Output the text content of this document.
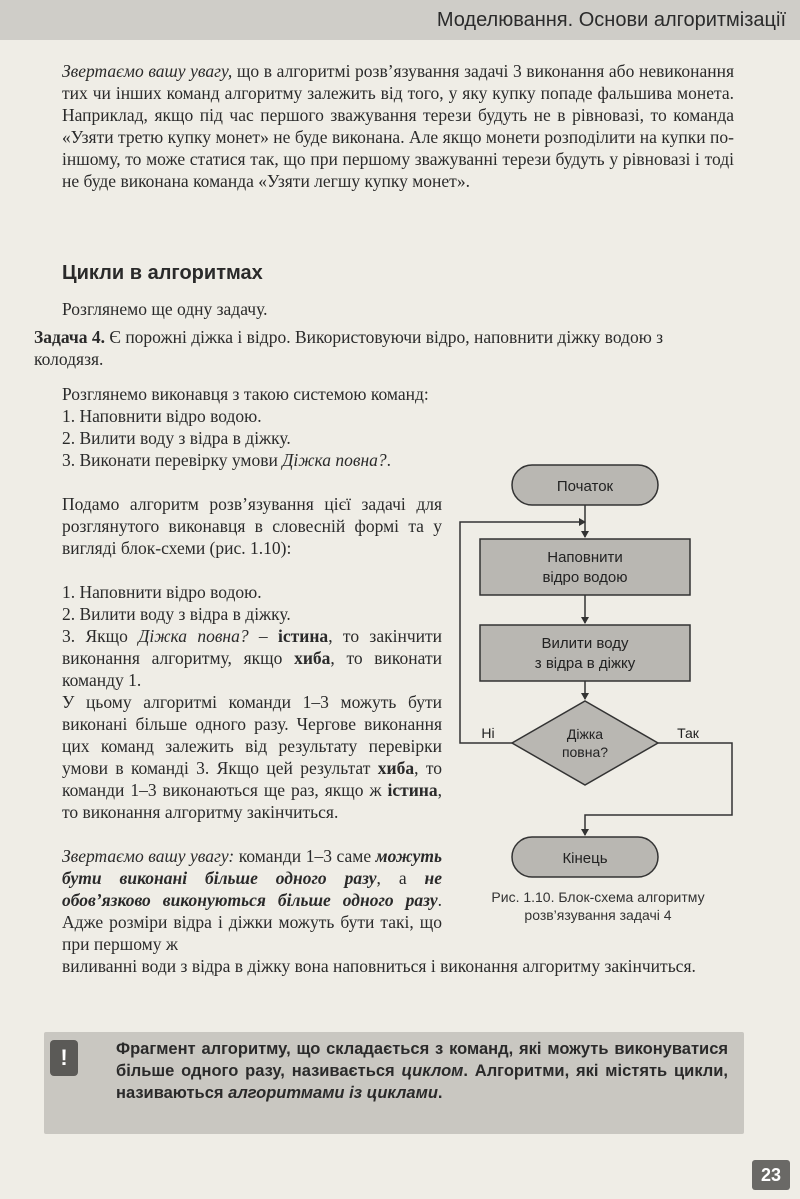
Моделювання. Основи алгоритмізації

Звертаємо вашу увагу, що в алгоритмі розв’язування задачі 3 виконання або невиконання тих чи інших команд алгоритму залежить від того, у яку купку попаде фальшива монета. Наприклад, якщо під час першого зважування терези будуть не в рівновазі, то команда «Узяти третю купку монет» не буде виконана. Але якщо монети розподілити на купки по-іншому, то може статися так, що при першому зважуванні терези будуть у рівновазі і тоді не буде виконана команда «Узяти легшу купку монет».

Цикли в алгоритмах
Розглянемо ще одну задачу.
Задача 4. Є порожні діжка і відро. Використовуючи відро, наповнити діжку водою з колодязя.
Розглянемо виконавця з такою системою команд:
1. Наповнити відро водою.
2. Вилити воду з відра в діжку.

3. Виконати перевірку умови Діжка повна?.

Подамо алгоритм розв’язування цієї задачі для розглянутого виконавця в словесній формі та у вигляді блок-схеми (рис. 1.10):

1. Наповнити відро водою.

2. Вилити воду з відра в діжку.

3. Якщо Діжка повна? – істина, то закінчити виконання алгоритму, якщо хиба, то виконати команду 1.

У цьому алгоритмі команди 1–3 можуть бути виконані більше одного разу. Чергове виконання цих команд залежить від результату перевірки умови в команді 3. Якщо цей результат хиба, то команди 1–3 виконаються ще раз, якщо ж істина, то виконання алгоритму закінчиться.

Звертаємо вашу увагу: команди 1–3 саме можуть бути виконані більше одного разу, а не обов’язково виконуються більше одного разу. Адже розміри відра і діжки можуть бути такі, що при першому ж

виливанні води з відра в діжку вона наповниться і виконання алгоритму закінчиться.

Початок
Наповнити
відро водою
Вилити воду
з відра в діжку
Діжка
повна?
Ні	Так
Кінець
Рис. 1.10. Блок-схема алгоритму
розв’язування задачі 4
!	Фрагмент алгоритму, що складається з команд, які можуть виконуватися більше одного разу, називається циклом. Алгоритми, які містять цикли, називаються алгоритмами із циклами.

23
